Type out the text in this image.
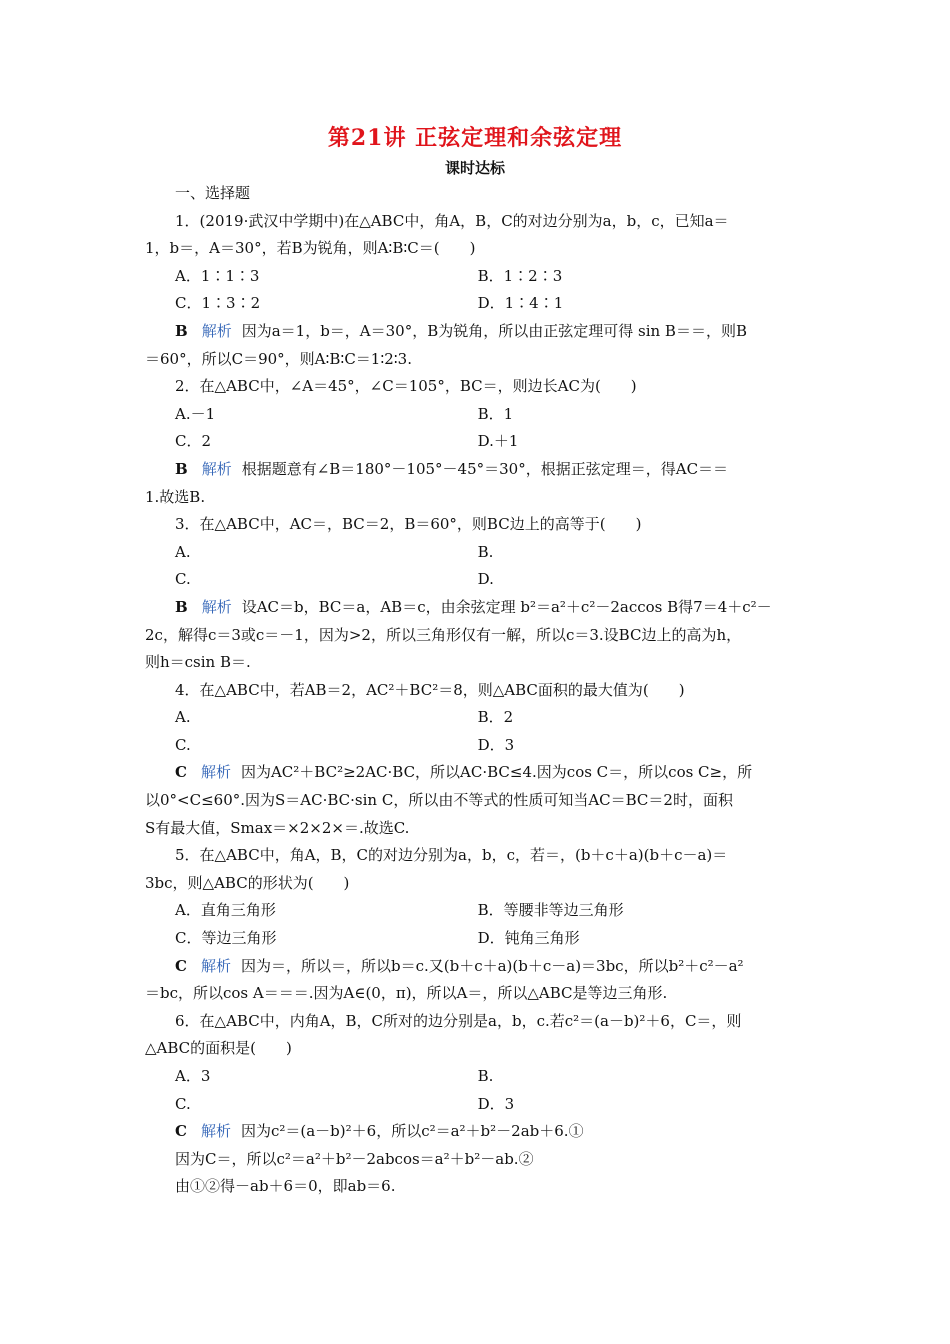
第21讲 正弦定理和余弦定理
课时达标
一、选择题
1．(2019·武汉中学期中)在△ABC中，角A，B，C的对边分别为a，b，c，已知a＝
1，b＝，A＝30°，若B为锐角，则A∶B∶C＝(　　)
A．1∶1∶3	B．1∶2∶3
C．1∶3∶2	D．1∶4∶1
B 解析 因为a＝1，b＝，A＝30°，B为锐角，所以由正弦定理可得 sin B＝＝，则B
＝60°，所以C＝90°，则A∶B∶C＝1∶2∶3.
2．在△ABC中，∠A＝45°，∠C＝105°，BC＝，则边长AC为(　　)
A.－1	B．1
C．2	D.＋1
B 解析 根据题意有∠B＝180°－105°－45°＝30°，根据正弦定理＝，得AC＝＝
1.故选B.
3．在△ABC中，AC＝，BC＝2，B＝60°，则BC边上的高等于(　　)
A.	B.
C.	D.
B 解析 设AC＝b，BC＝a，AB＝c，由余弦定理 b²＝a²＋c²－2accos B得7＝4＋c²－
2c，解得c＝3或c＝－1，因为>2，所以三角形仅有一解，所以c＝3.设BC边上的高为h，
则h＝csin B＝.
4．在△ABC中，若AB＝2，AC²＋BC²＝8，则△ABC面积的最大值为(　　)
A.	B．2
C.	D．3
C 解析 因为AC²＋BC²≥2AC·BC，所以AC·BC≤4.因为cos C＝，所以cos C≥，所
以0°<C≤60°.因为S＝AC·BC·sin C，所以由不等式的性质可知当AC＝BC＝2时，面积
S有最大值，Smax＝×2×2×＝.故选C.
5．在△ABC中，角A，B，C的对边分别为a，b，c，若＝，(b＋c＋a)(b＋c－a)＝
3bc，则△ABC的形状为(　　)
A．直角三角形	B．等腰非等边三角形
C．等边三角形	D．钝角三角形
C 解析 因为＝，所以＝，所以b＝c.又(b＋c＋a)(b＋c－a)＝3bc，所以b²＋c²－a²
＝bc，所以cos A＝＝＝.因为A∈(0，π)，所以A＝，所以△ABC是等边三角形.
6．在△ABC中，内角A，B，C所对的边分别是a，b，c.若c²＝(a－b)²＋6，C＝，则
△ABC的面积是(　　)
A．3	B.
C.	D．3
C 解析 因为c²＝(a－b)²＋6，所以c²＝a²＋b²－2ab＋6.①
因为C＝，所以c²＝a²＋b²－2abcos＝a²＋b²－ab.②
由①②得－ab＋6＝0，即ab＝6.
